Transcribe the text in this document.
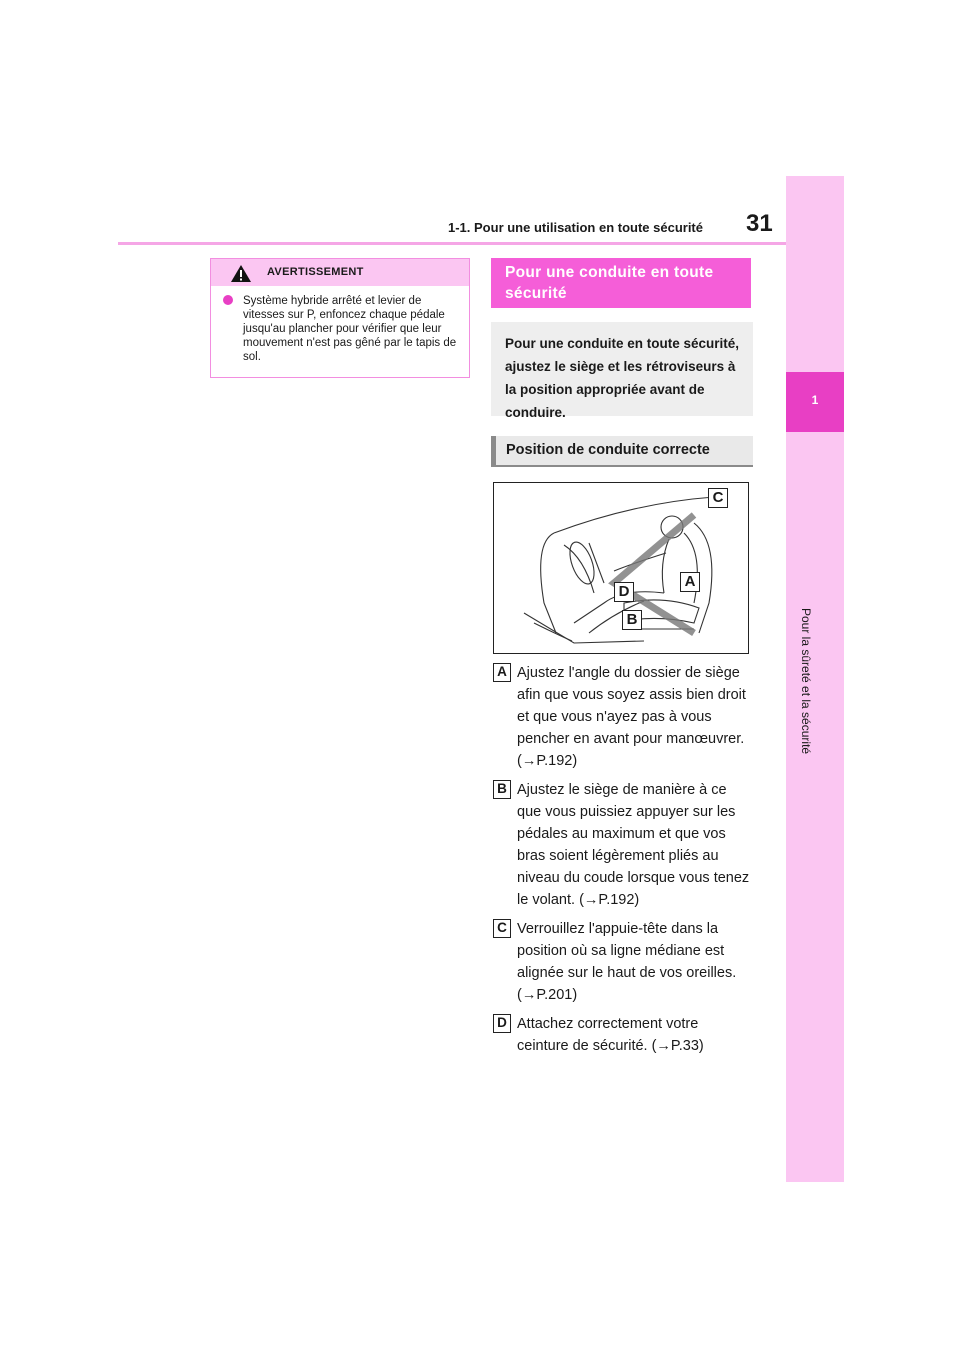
1-1. Pour une utilisation en toute sécurité 31
1
Pour la sûreté et la sécurité
AVERTISSEMENT
Système hybride arrêté et levier de vitesses sur P, enfoncez chaque pédale jusqu'au plancher pour vérifier que leur mouvement n'est pas gêné par le tapis de sol.
Pour une conduite en toute sécurité
Pour une conduite en toute sécurité, ajustez le siège et les rétroviseurs à la position appropriée avant de conduire.
Position de conduite correcte
C
A
D
B
A Ajustez l'angle du dossier de siège afin que vous soyez assis bien droit et que vous n'ayez pas à vous pencher en avant pour manœuvrer. (→P.192)
B Ajustez le siège de manière à ce que vous puissiez appuyer sur les pédales au maximum et que vos bras soient légèrement pliés au niveau du coude lorsque vous tenez le volant. (→P.192)
C Verrouillez l'appuie-tête dans la position où sa ligne médiane est alignée sur le haut de vos oreilles. (→P.201)
D Attachez correctement votre ceinture de sécurité. (→P.33)
